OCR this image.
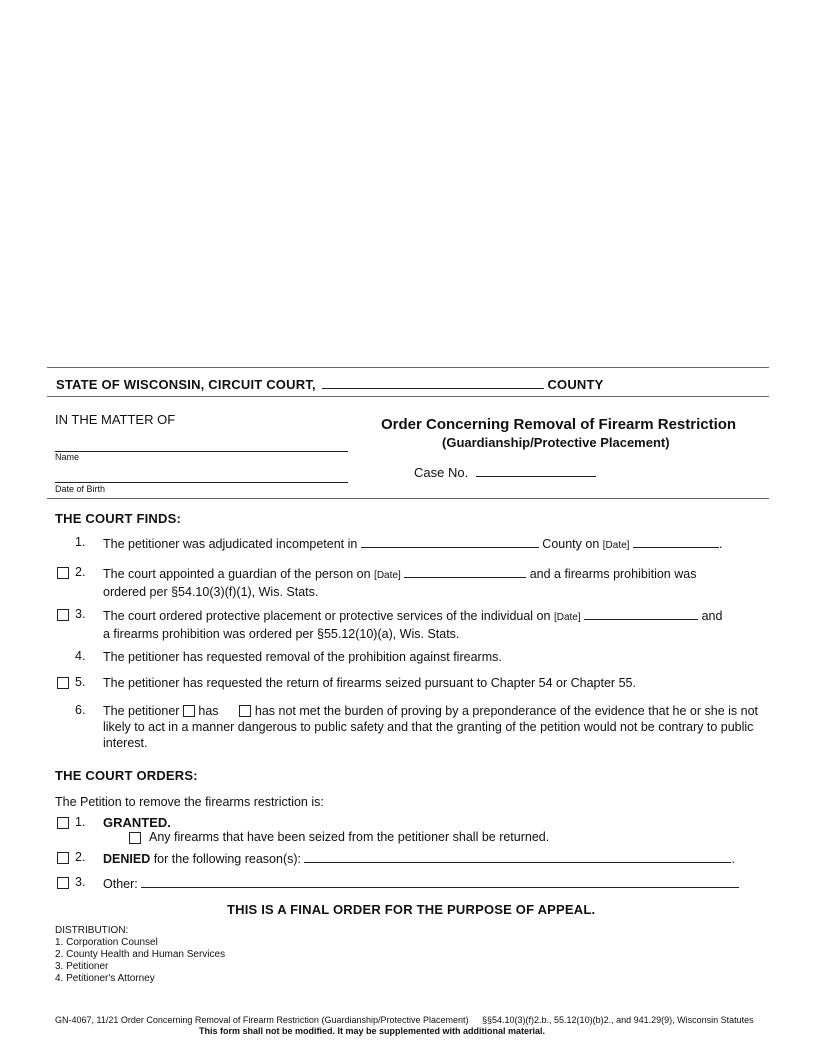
STATE OF WISCONSIN, CIRCUIT COURT,	COUNTY
IN THE MATTER OF
Name
Date of Birth
Order Concerning Removal of Firearm Restriction
(Guardianship/Protective Placement)
Case No.
THE COURT FINDS:
1. The petitioner was adjudicated incompetent in	County on [Date]	.
2. The court appointed a guardian of the person on [Date]	and a firearms prohibition was
ordered per §54.10(3)(f)(1), Wis. Stats.
3. The court ordered protective placement or protective services of the individual on [Date]	and
a firearms prohibition was ordered per §55.12(10)(a), Wis. Stats.
4. The petitioner has requested removal of the prohibition against firearms.
5. The petitioner has requested the return of firearms seized pursuant to Chapter 54 or Chapter 55.
6. The petitioner has	has not met the burden of proving by a preponderance of the evidence that he or she is not likely to act in a manner dangerous to public safety and that the granting of the petition would not be contrary to public interest.
THE COURT ORDERS:
The Petition to remove the firearms restriction is:
1. GRANTED.
Any firearms that have been seized from the petitioner shall be returned.
2. DENIED for the following reason(s):	.
3. Other:
THIS IS A FINAL ORDER FOR THE PURPOSE OF APPEAL.
DISTRIBUTION:
1. Corporation Counsel
2. County Health and Human Services
3. Petitioner
4. Petitioner's Attorney
GN-4067, 11/21 Order Concerning Removal of Firearm Restriction (Guardianship/Protective Placement) §§54.10(3)(f)2.b., 55.12(10)(b)2., and 941.29(9), Wisconsin Statutes
This form shall not be modified. It may be supplemented with additional material.
